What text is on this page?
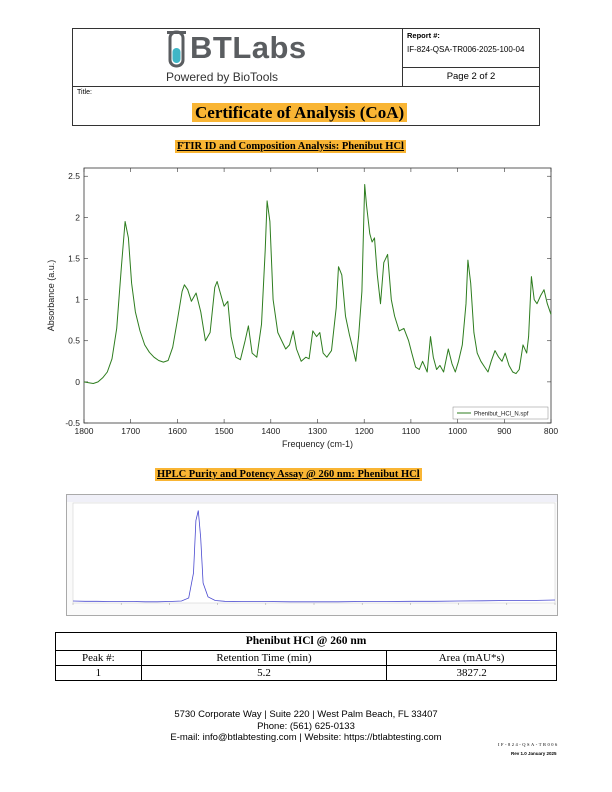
BTLabs
Powered by BioTools
Report #:
IF-824-QSA-TR006-2025-100-04
Page 2 of 2
Title:
Certificate of Analysis (CoA)
FTIR ID and Composition Analysis: Phenibut HCl
1800	1700	1600	1500	1400	1300	1200	1100	1000	900	800
-0.5
0
0.5
1
1.5
2
2.5
Frequency (cm-1)
Absorbance (a.u.)
Phenibut_HCl_N.spf
HPLC Purity and Potency Assay @ 260 nm: Phenibut HCl
Phenibut HCl @ 260 nm		
Peak #:	Retention Time (min)	Area (mAU*s)
1	5.2	3827.2
5730 Corporate Way | Suite 220 | West Palm Beach, FL 33407
Phone: (561) 625-0133
E-mail: info@btlabtesting.com | Website: https://btlabtesting.com
IF-824-QSA-TR006
Rev 1.0 January 2025
